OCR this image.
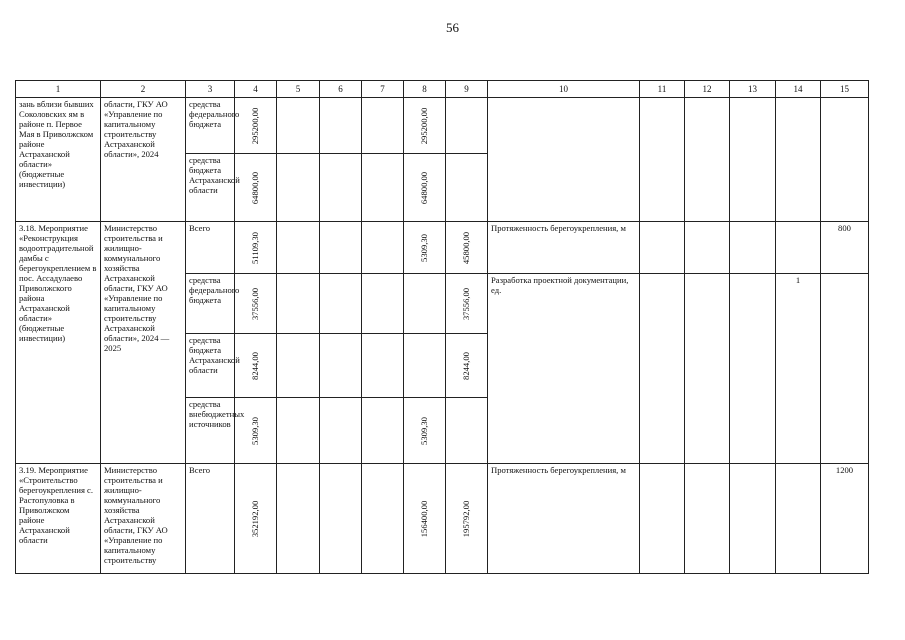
56
1	2	3	4	5	6	7	8	9	10	11	12	13	14	15
зань вблизи бывших Соколовских ям в районе п. Первое Мая в Приволжском районе Астраханской области» (бюджетные инвестиции)	области, ГКУ АО «Управление по капитальному строительству Астраханской области», 2024	средства федерального бюджета	295200,00				295200,00							

		средства бюджета Астраханской области	64800,00				64800,00							

3.18. Мероприятие «Реконструкция водоотградительной дамбы с берегоукреплением в пос. Ассадулаево Приволжского района Астраханской области» (бюджетные инвестиции)	Министерство строительства и жилищно-коммунального хозяйства Астраханской области, ГКУ АО «Управление по капитальному строительству Астраханской области», 2024 — 2025	Всего	51109,30				5309,30	45800,00	Протяженность берегоукрепления, м					800
		средства федерального бюджета	37556,00					37556,00	Разработка проектной документации, ед.				1	
		средства бюджета Астраханской области	8244,00					8244,00						

		средства внебюджетных источников	5309,30				5309,30							

3.19. Мероприятие «Строительство берегоукрепления с. Растопуловка в Приволжском районе Астраханской области	Министерство строительства и жилищно-коммунального хозяйства Астраханской области, ГКУ АО «Управление по капитальному строительству	Всего	352192,00				156400,00	195792,00	Протяженность берегоукрепления, м					1200
